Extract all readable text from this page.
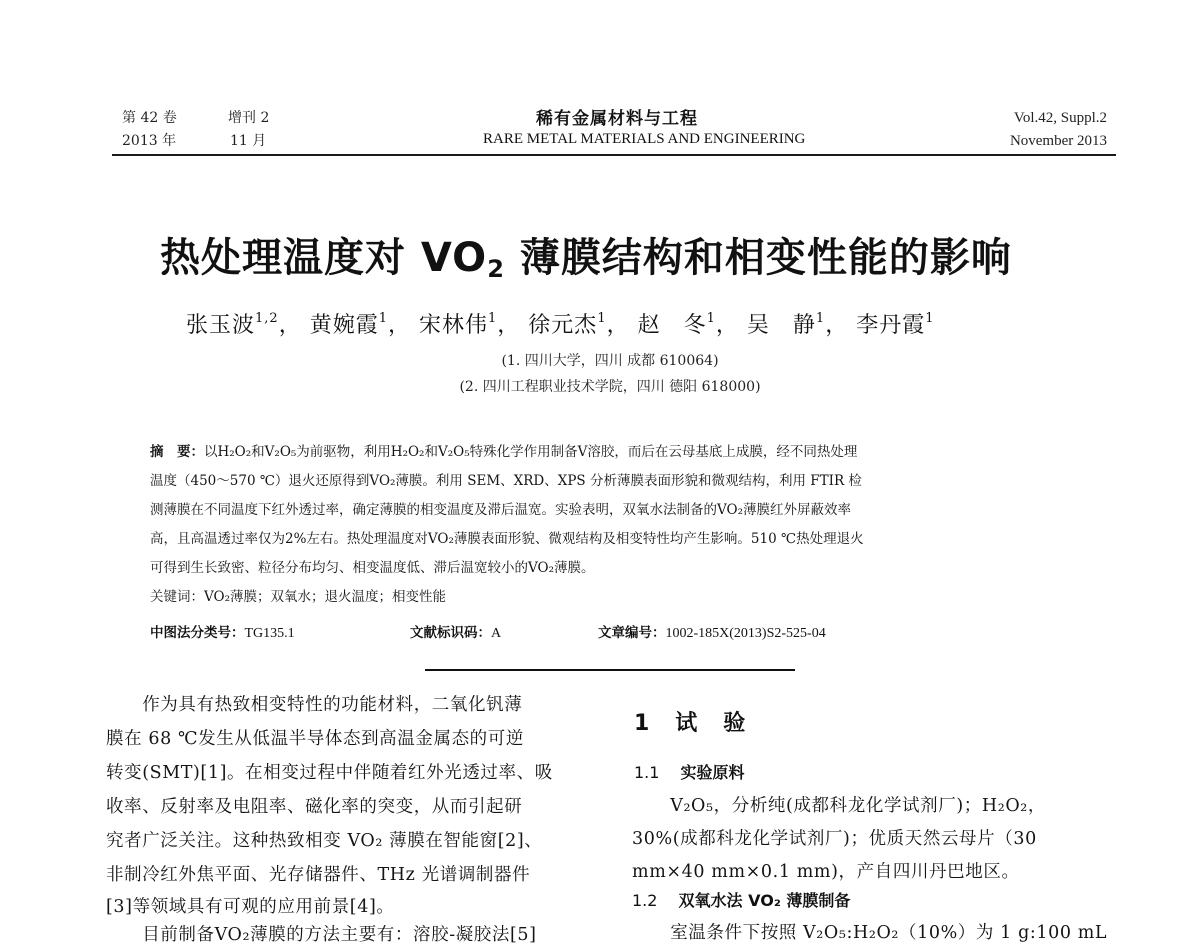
第 42 卷	增刊 2
2013 年	11 月
稀有金属材料与工程
RARE METAL MATERIALS AND ENGINEERING
Vol.42, Suppl.2
November 2013
热处理温度对 $VO_2$ 薄膜结构和相变性能的影响
张玉波$^{1,2}$， 黄婉霞$^1$， 宋林伟$^1$， 徐元杰$^1$， 赵　冬$^1$， 吴　静$^1$， 李丹霞$^1$
(1. 四川大学，四川 成都 610064)
(2. 四川工程职业技术学院，四川 德阳 618000)
摘　要：以H₂O₂和V₂O₅为前驱物，利用H₂O₂和V₂O₅特殊化学作用制备V溶胶，而后在云母基底上成膜，经不同热处理
温度（450～570 ℃）退火还原得到VO₂薄膜。利用 SEM、XRD、XPS 分析薄膜表面形貌和微观结构，利用 FTIR 检
测薄膜在不同温度下红外透过率，确定薄膜的相变温度及滞后温宽。实验表明，双氧水法制备的VO₂薄膜红外屏蔽效率
高，且高温透过率仅为2%左右。热处理温度对VO₂薄膜表面形貌、微观结构及相变特性均产生影响。510 ℃热处理退火
可得到生长致密、粒径分布均匀、相变温度低、滞后温宽较小的VO₂薄膜。
关键词：VO₂薄膜；双氧水；退火温度；相变性能
中图法分类号：TG135.1	文献标识码：A	文章编号：1002-185X(2013)S2-525-04
　　作为具有热致相变特性的功能材料，二氧化钒薄
膜在 68 ℃发生从低温半导体态到高温金属态的可逆
转变(SMT)[1]。在相变过程中伴随着红外光透过率、吸
收率、反射率及电阻率、磁化率的突变，从而引起研
究者广泛关注。这种热致相变 VO₂ 薄膜在智能窗[2]、
非制冷红外焦平面、光存储器件、THz 光谱调制器件
[3]等领域具有可观的应用前景[4]。
　　目前制备VO₂薄膜的方法主要有：溶胶-凝胶法[5]
1　试　验
1.1　 实验原料
　　V₂O₅，分析纯(成都科龙化学试剂厂)；H₂O₂，
30%(成都科龙化学试剂厂)；优质天然云母片（30
mm×40 mm×0.1 mm)，产自四川丹巴地区。
1.2　 双氧水法 VO₂ 薄膜制备
　　室温条件下按照 V₂O₅:H₂O₂（10%）为 1 g:100 mL
